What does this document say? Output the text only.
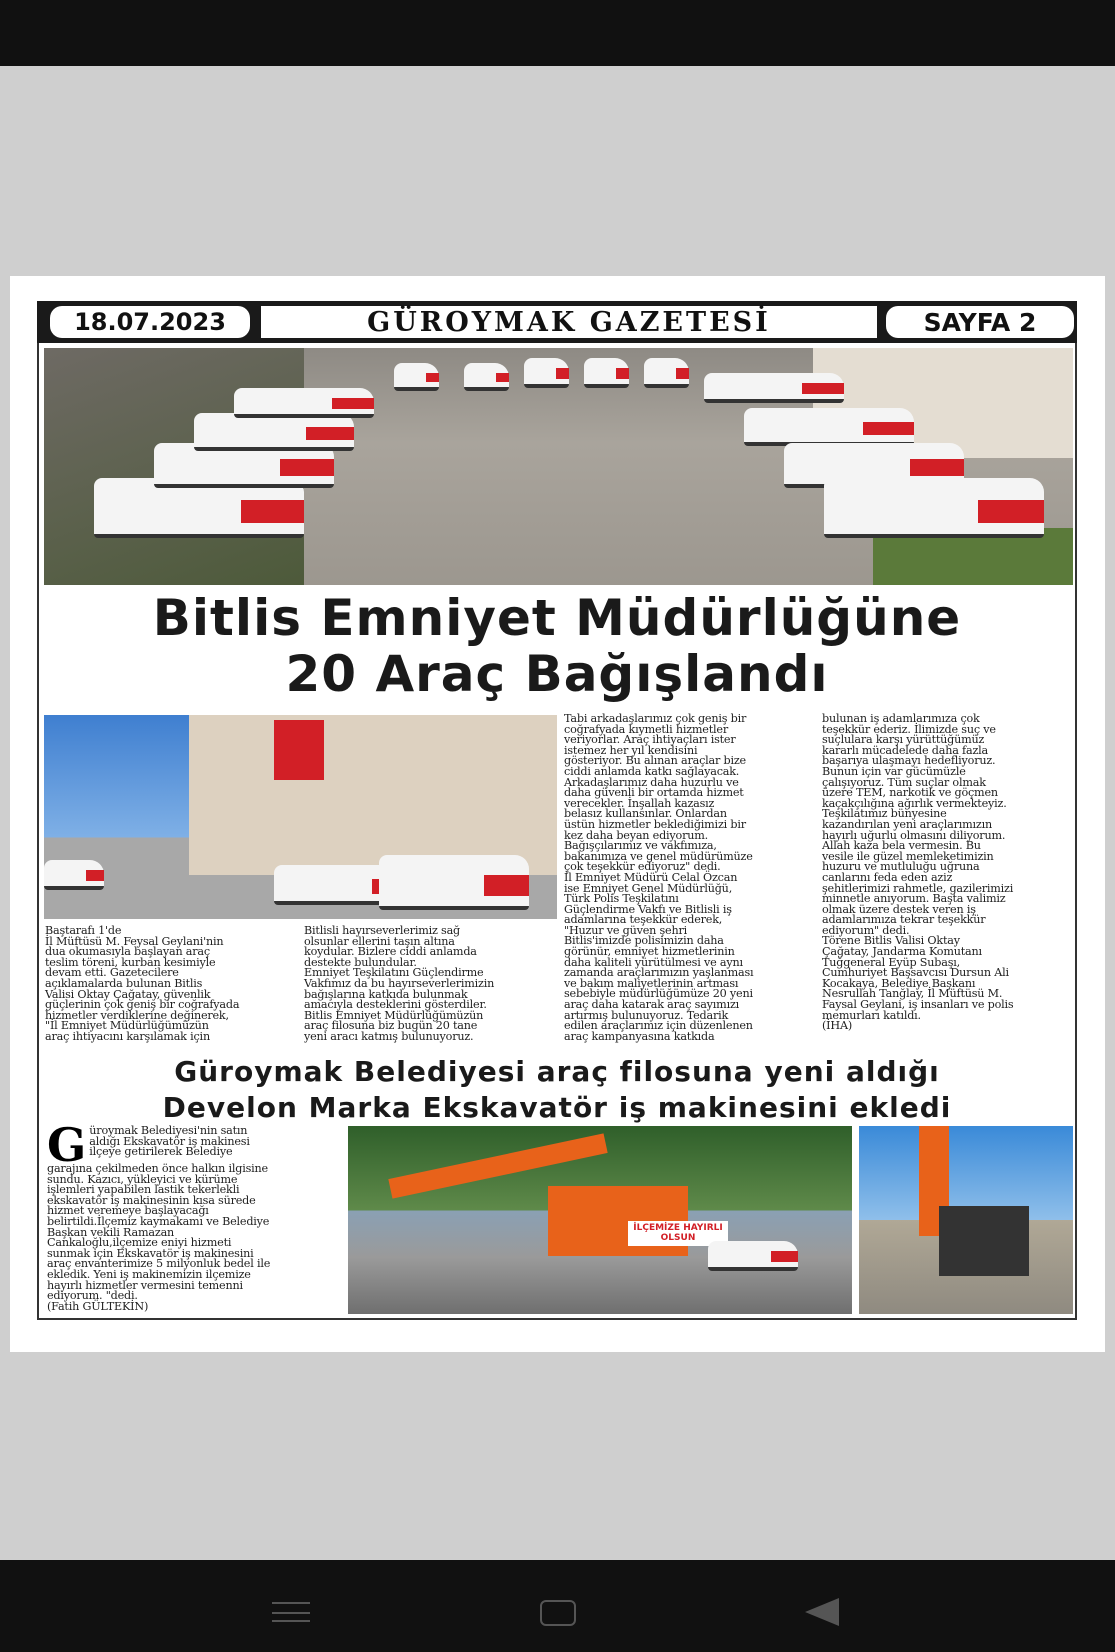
18.07.2023	GÜROYMAK GAZETESİ	SAYFA 2
Bitlis Emniyet Müdürlüğüne
20 Araç Bağışlandı
Baştarafı 1'de
İl Müftüsü M. Feysal Geylani'nin
dua okumasıyla başlayan araç
teslim töreni, kurban kesimiyle
devam etti. Gazetecilere
açıklamalarda bulunan Bitlis
Valisi Oktay Çağatay, güvenlik
güçlerinin çok geniş bir coğrafyada
hizmetler verdiklerine değinerek,
"İl Emniyet Müdürlüğümüzün
araç ihtiyacını karşılamak için
Bitlisli hayırseverlerimiz sağ
olsunlar ellerini taşın altına
koydular. Bizlere ciddi anlamda
destekte bulundular.
Emniyet Teşkilatını Güçlendirme
Vakfımız da bu hayırseverlerimizin
bağışlarına katkıda bulunmak
amacıyla desteklerini gösterdiler.
Bitlis Emniyet Müdürlüğümüzün
araç filosuna biz bugün 20 tane
yeni aracı katmış bulunuyoruz.
Tabi arkadaşlarımız çok geniş bir
coğrafyada kıymetli hizmetler
veriyorlar. Araç ihtiyaçları ister
istemez her yıl kendisini
gösteriyor. Bu alınan araçlar bize
ciddi anlamda katkı sağlayacak.
Arkadaşlarımız daha huzurlu ve
daha güvenli bir ortamda hizmet
verecekler. İnşallah kazasız
belasız kullansınlar. Onlardan
üstün hizmetler beklediğimizi bir
kez daha beyan ediyorum.
Bağışçılarımız ve vakfımıza,
bakanımıza ve genel müdürümüze
çok teşekkür ediyoruz" dedi.
İl Emniyet Müdürü Celal Özcan
ise Emniyet Genel Müdürlüğü,
Türk Polis Teşkilatını
Güçlendirme Vakfı ve Bitlisli iş
adamlarına teşekkür ederek,
"Huzur ve güven şehri
Bitlis'imizde polisimizin daha
görünür, emniyet hizmetlerinin
daha kaliteli yürütülmesi ve aynı
zamanda araçlarımızın yaşlanması
ve bakım maliyetlerinin artması
sebebiyle müdürlüğümüze 20 yeni
araç daha katarak araç sayımızı
artırmış bulunuyoruz. Tedarik
edilen araçlarımız için düzenlenen
araç kampanyasına katkıda
bulunan iş adamlarımıza çok
teşekkür ederiz. İlimizde suç ve
suçlulara karşı yürüttüğümüz
kararlı mücadelede daha fazla
başarıya ulaşmayı hedefliyoruz.
Bunun için var gücümüzle
çalışıyoruz. Tüm suçlar olmak
üzere TEM, narkotik ve göçmen
kaçakçılığına ağırlık vermekteyiz.
Teşkilatımız bünyesine
kazandırılan yeni araçlarımızın
hayırlı uğurlu olmasını diliyorum.
Allah kaza bela vermesin. Bu
vesile ile güzel memleketimizin
huzuru ve mutluluğu uğruna
canlarını feda eden aziz
şehitlerimizi rahmetle, gazilerimizi
minnetle anıyorum. Başta valimiz
olmak üzere destek veren iş
adamlarımıza tekrar teşekkür
ediyorum" dedi.
Törene Bitlis Valisi Oktay
Çağatay, Jandarma Komutanı
Tuğgeneral Eyüp Subaşı,
Cumhuriyet Başsavcısı Dursun Ali
Kocakaya, Belediye Başkanı
Nesrullah Tanğlay, İl Müftüsü M.
Faysal Geylani, iş insanları ve polis
memurları katıldı.
(İHA)
Güroymak Belediyesi araç filosuna yeni aldığı
Develon Marka Ekskavatör iş makinesini ekledi
G üroymak Belediyesi'nin satın
aldığı Ekskavatör iş makinesi
ilçeye getirilerek Belediye
garajına çekilmeden önce halkın ilgisine
sundu. Kazıcı, yükleyici ve kürüme
işlemleri yapabilen lastik tekerlekli
ekskavatör iş makinesinin kısa sürede
hizmet veremeye başlayacağı
belirtildi.İlçemiz kaymakamı ve Belediye
Başkan vekili Ramazan
Cankaloğlu,ilçemize eniyi hizmeti
sunmak için Ekskavatör iş makinesini
araç envanterimize 5 milyonluk bedel ile
ekledik. Yeni iş makinemizin ilçemize
hayırlı hizmetler vermesini temenni
ediyorum. "dedi.
(Fatih GÜLTEKİN)
İLÇEMİZE HAYIRLI OLSUN
